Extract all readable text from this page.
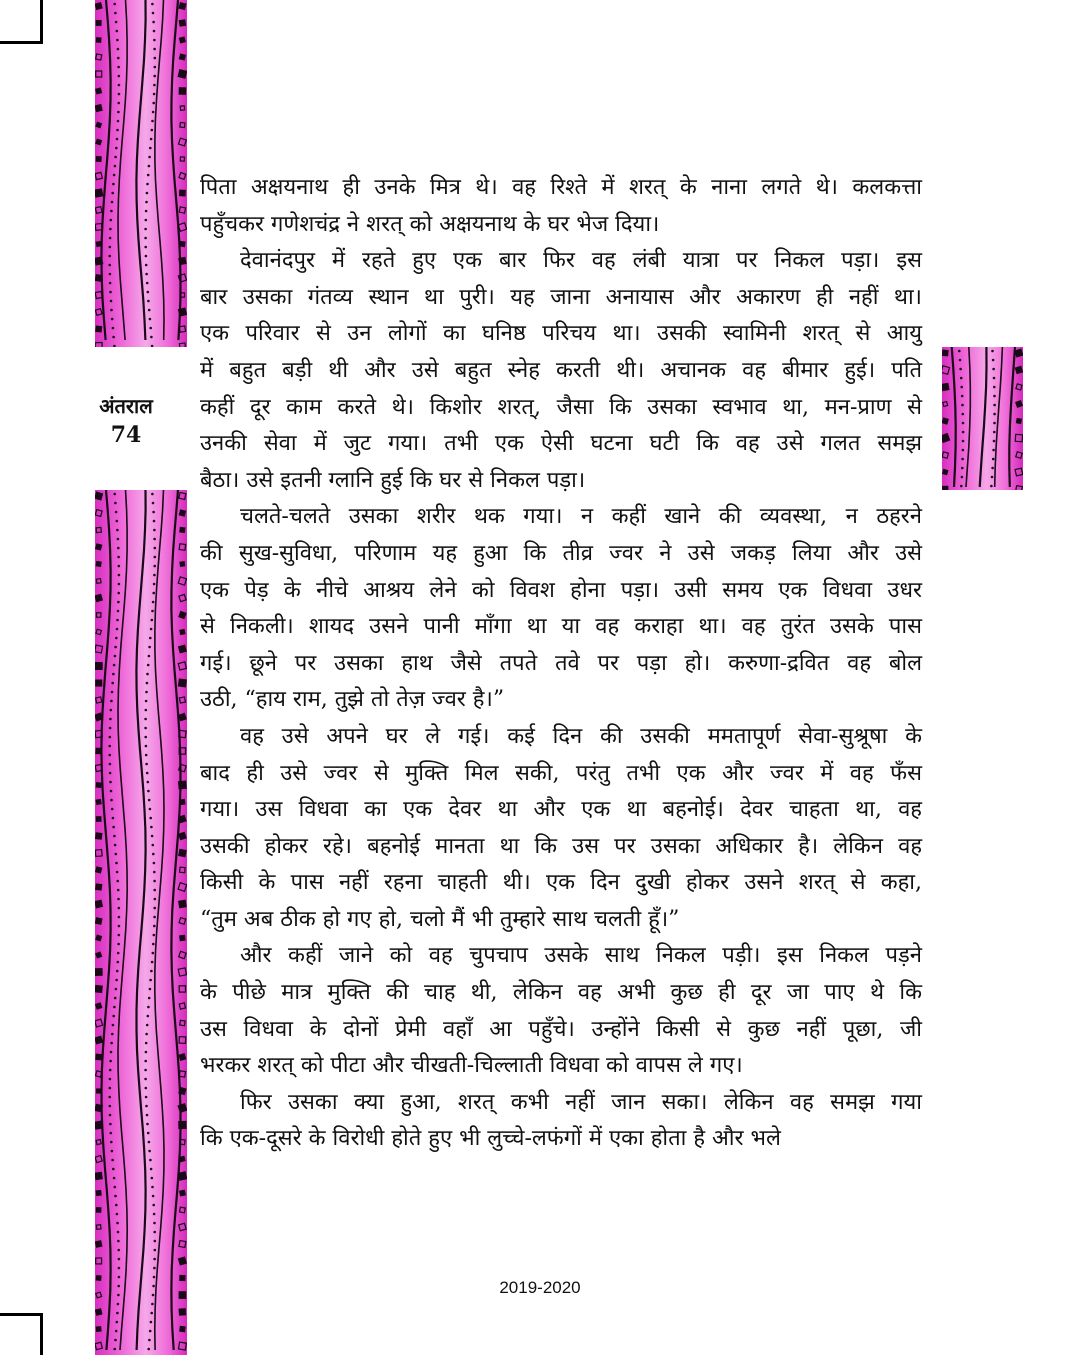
अंतराल
74
पिता अक्षयनाथ ही उनके मित्र थे। वह रिश्ते में शरत् के नाना लगते थे। कलकत्ता
पहुँचकर गणेशचंद्र ने शरत् को अक्षयनाथ के घर भेज दिया।
देवानंदपुर में रहते हुए एक बार फिर वह लंबी यात्रा पर निकल पड़ा। इस
बार उसका गंतव्य स्थान था पुरी। यह जाना अनायास और अकारण ही नहीं था।
एक परिवार से उन लोगों का घनिष्ठ परिचय था। उसकी स्वामिनी शरत् से आयु
में बहुत बड़ी थी और उसे बहुत स्नेह करती थी। अचानक वह बीमार हुई। पति
कहीं दूर काम करते थे। किशोर शरत्, जैसा कि उसका स्वभाव था, मन-प्राण से
उनकी सेवा में जुट गया। तभी एक ऐसी घटना घटी कि वह उसे गलत समझ
बैठा। उसे इतनी ग्लानि हुई कि घर से निकल पड़ा।
चलते-चलते उसका शरीर थक गया। न कहीं खाने की व्यवस्था, न ठहरने
की सुख-सुविधा, परिणाम यह हुआ कि तीव्र ज्वर ने उसे जकड़ लिया और उसे
एक पेड़ के नीचे आश्रय लेने को विवश होना पड़ा। उसी समय एक विधवा उधर
से निकली। शायद उसने पानी माँगा था या वह कराहा था। वह तुरंत उसके पास
गई। छूने पर उसका हाथ जैसे तपते तवे पर पड़ा हो। करुणा-द्रवित वह बोल
उठी, “हाय राम, तुझे तो तेज़ ज्वर है।”
वह उसे अपने घर ले गई। कई दिन की उसकी ममतापूर्ण सेवा-सुश्रूषा के
बाद ही उसे ज्वर से मुक्ति मिल सकी, परंतु तभी एक और ज्वर में वह फँस
गया। उस विधवा का एक देवर था और एक था बहनोई। देवर चाहता था, वह
उसकी होकर रहे। बहनोई मानता था कि उस पर उसका अधिकार है। लेकिन वह
किसी के पास नहीं रहना चाहती थी। एक दिन दुखी होकर उसने शरत् से कहा,
“तुम अब ठीक हो गए हो, चलो मैं भी तुम्हारे साथ चलती हूँ।”
और कहीं जाने को वह चुपचाप उसके साथ निकल पड़ी। इस निकल पड़ने
के पीछे मात्र मुक्ति की चाह थी, लेकिन वह अभी कुछ ही दूर जा पाए थे कि
उस विधवा के दोनों प्रेमी वहाँ आ पहुँचे। उन्होंने किसी से कुछ नहीं पूछा, जी
भरकर शरत् को पीटा और चीखती-चिल्लाती विधवा को वापस ले गए।
फिर उसका क्या हुआ, शरत् कभी नहीं जान सका। लेकिन वह समझ गया
कि एक-दूसरे के विरोधी होते हुए भी लुच्चे-लफंगों में एका होता है और भले
2019-2020
